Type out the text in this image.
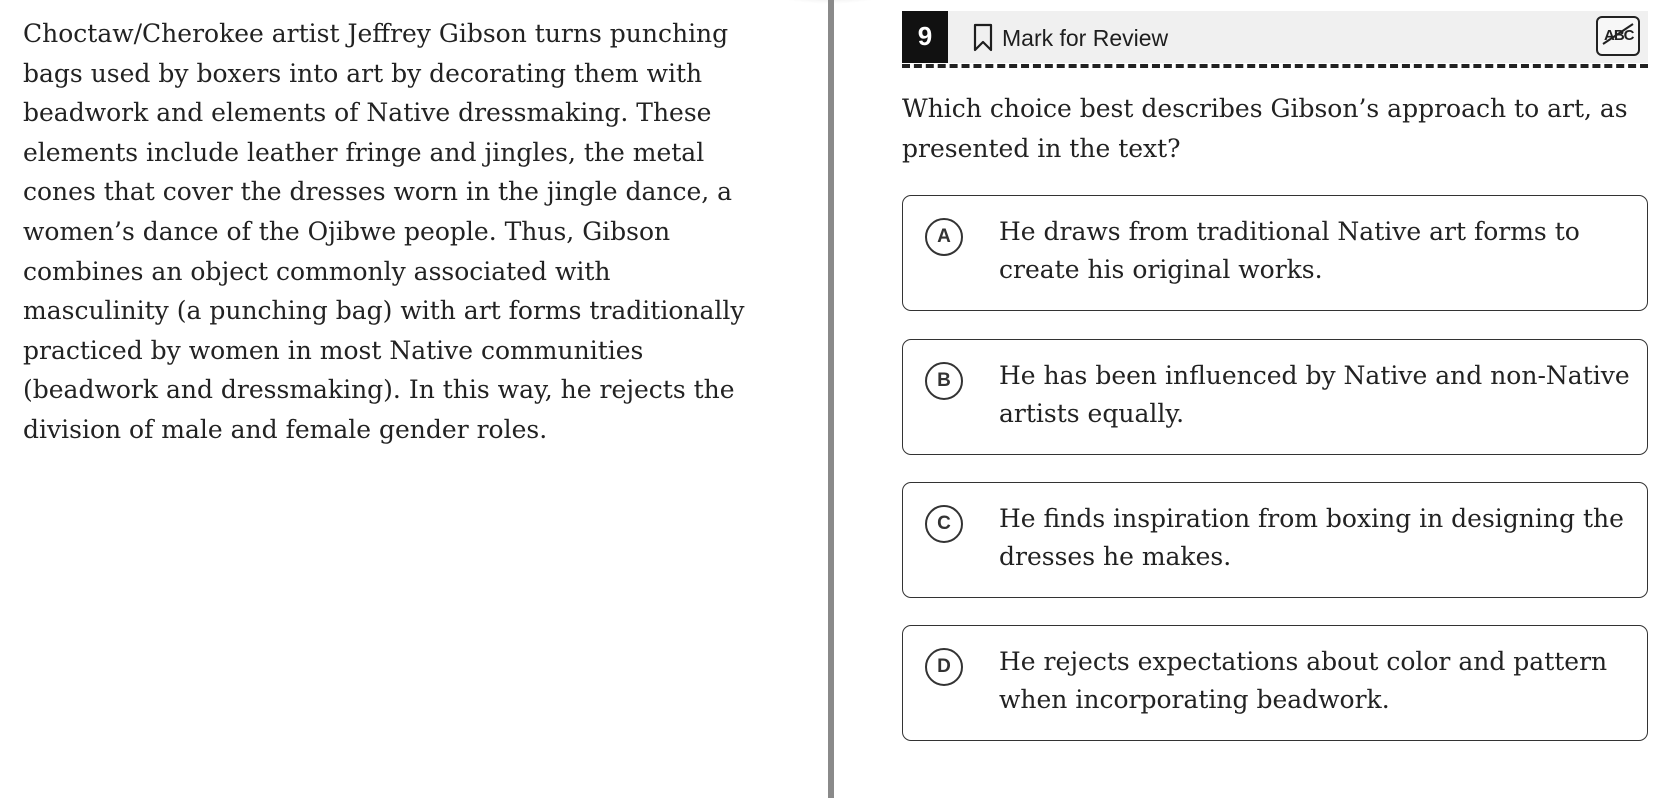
Choctaw/Cherokee artist Jeffrey Gibson turns punching
bags used by boxers into art by decorating them with
beadwork and elements of Native dressmaking. These
elements include leather fringe and jingles, the metal
cones that cover the dresses worn in the jingle dance, a
women’s dance of the Ojibwe people. Thus, Gibson
combines an object commonly associated with
masculinity (a punching bag) with art forms traditionally
practiced by women in most Native communities
(beadwork and dressmaking). In this way, he rejects the
division of male and female gender roles.

9	Mark for Review	ABC

Which choice best describes Gibson’s approach to art, as
presented in the text?

A	He draws from traditional Native art forms to
create his original works.
B	He has been influenced by Native and non-Native
artists equally.
C	He finds inspiration from boxing in designing the
dresses he makes.
D	He rejects expectations about color and pattern
when incorporating beadwork.
